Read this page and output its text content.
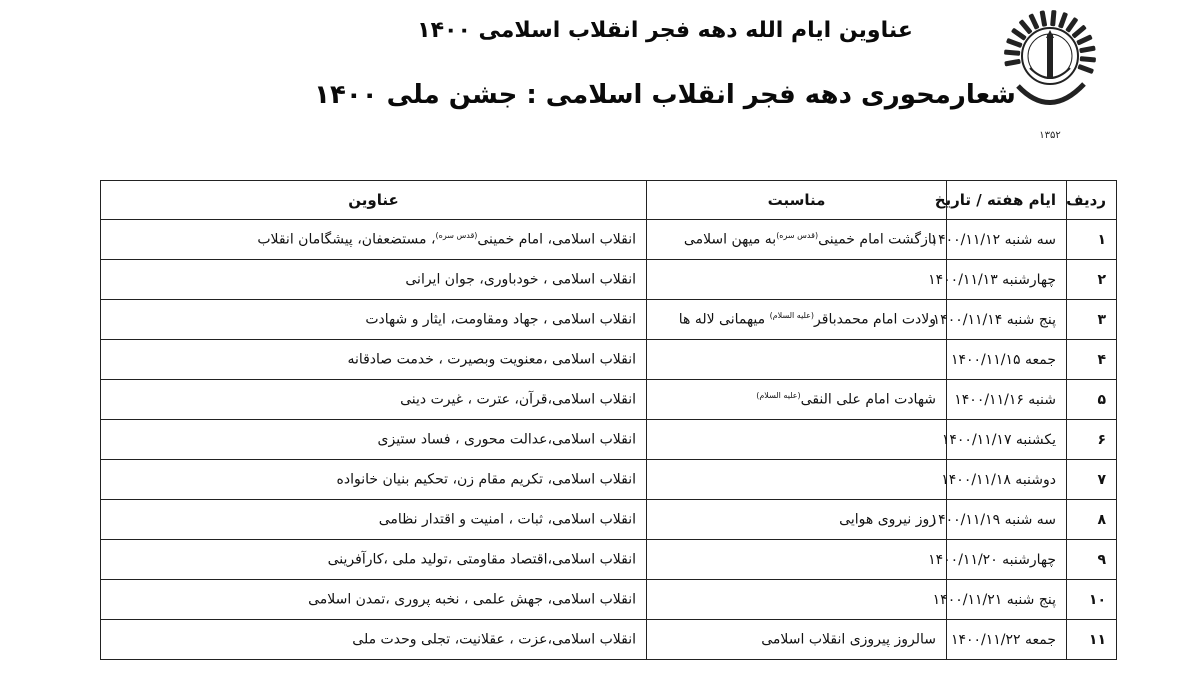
عناوین ایام الله دهه فجر انقلاب اسلامی ۱۴۰۰
شعارمحوری دهه فجر انقلاب اسلامی : جشن ملی ۱۴۰۰
۱۳۵۲
ردیف	ایام هفته / تاریخ	مناسبت	عناوین
۱	سه شنبه ۱۴۰۰/۱۱/۱۲	بازگشت امام خمینی$^{(قدس سره)}$به میهن اسلامی	انقلاب اسلامی، امام خمینی$^{(قدس سره)}$، مستضعفان، پیشگامان انقلاب
۲	چهارشنبه ۱۴۰۰/۱۱/۱۳		انقلاب اسلامی ، خودباوری، جوان ایرانی
۳	پنج شنبه ۱۴۰۰/۱۱/۱۴	ولادت امام محمدباقر$^{(علیه السلام)}$ میهمانی لاله ها	انقلاب اسلامی ، جهاد ومقاومت، ایثار و شهادت
۴	جمعه ۱۴۰۰/۱۱/۱۵		انقلاب اسلامی ،معنویت وبصیرت ، خدمت صادقانه
۵	شنبه ۱۴۰۰/۱۱/۱۶	شهادت امام علی النقی$^{(علیه السلام)}$	انقلاب اسلامی،قرآن، عترت ، غیرت دینی
۶	یکشنبه ۱۴۰۰/۱۱/۱۷		انقلاب اسلامی،عدالت محوری ، فساد ستیزی
۷	دوشنبه ۱۴۰۰/۱۱/۱۸		انقلاب اسلامی، تکریم مقام زن، تحکیم بنیان خانواده
۸	سه شنبه ۱۴۰۰/۱۱/۱۹	روز نیروی هوایی	انقلاب اسلامی، ثبات ، امنیت و اقتدار نظامی
۹	چهارشنبه ۱۴۰۰/۱۱/۲۰		انقلاب اسلامی،اقتصاد مقاومتی ،تولید ملی ،کارآفرینی
۱۰	پنج شنبه ۱۴۰۰/۱۱/۲۱		انقلاب اسلامی، جهش علمی ، نخبه پروری ،تمدن اسلامی
۱۱	جمعه ۱۴۰۰/۱۱/۲۲	سالروز پیروزی انقلاب اسلامی	انقلاب اسلامی،عزت ، عقلانیت، تجلی وحدت ملی
